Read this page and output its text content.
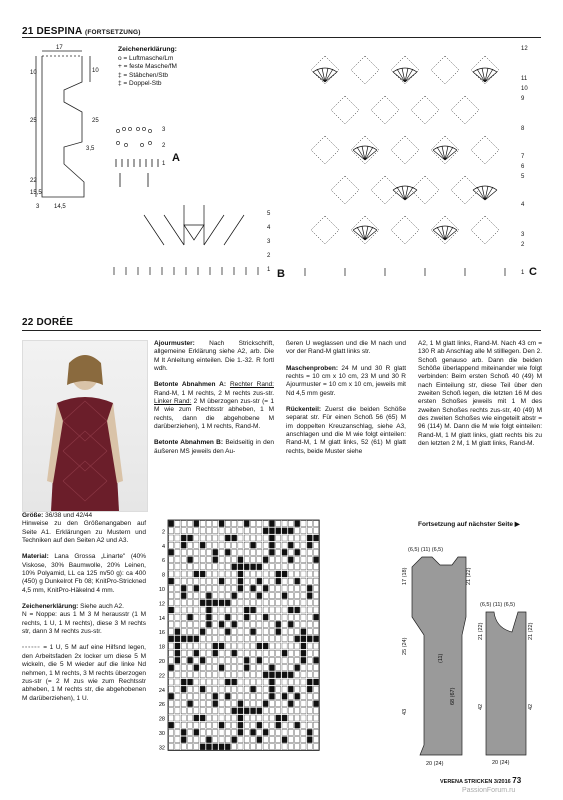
21 DESPINA (FORTSETZUNG)
17
10
25
10
25
22
3,5
15,5
3 14,5
Zeichenerklärung:
o = Luftmasche/Lm
+ = feste Masche/fM
‡ = Stäbchen/Stb
‡ = Doppel-Stb
3
2
1 A
5
4
3
2
1 B
12
11
10
9
8
7
6
5
4
3
2
1 C
22 DORÉE

Größe: 36/38 und 42/44
Hinweise zu den Größenangaben auf Seite A1. Erklärungen zu Mustern und Techniken auf den Seiten A2 und A3.

Material: Lana Grossa „Linarte" (40% Viskose, 30% Baumwolle, 20% Leinen, 10% Polyamid, LL ca 125 m/50 g): ca 400 (450) g Dunkelrot Fb 08; KnitPro-Strickned 4,5 mm, KnitPro-Häkelnd 4 mm.

Zeichenerklärung: Siehe auch A2.
N = Noppe: aus 1 M 3 M herausstr (1 M rechts, 1 U, 1 M rechts), diese 3 M rechts str, dann 3 M rechts zus-str.

◦◦◦◦◦◦ = 1 U, 5 M auf eine Hilfsnd legen, den Arbeitsfaden 2x locker um diese 5 M wickeln, die 5 M wieder auf die linke Nd nehmen, 1 M rechts, 3 M rechts überzogen zus-str (= 2 M zus wie zum Rechtsstr abheben, 1 M rechts str, die abgehobenen M darüberziehen), 1 U.

Ajourmuster: Nach Strickschrift, allgemeine Erklärung siehe A2, arb. Die M lt Anleitung einteilen. Die 1.-32. R fortl wdh.

Betonte Abnahmen A: Rechter Rand: Rand-M, 1 M rechts, 2 M rechts zus-str. Linker Rand: 2 M überzogen zus-str (= 1 M wie zum Rechtsstr abheben, 1 M rechts, dann die abgehobene M darüberziehen), 1 M rechts, Rand-M.

Betonte Abnahmen B: Beidseitig in den äußeren MS jeweils den Au-

ßeren U weglassen und die M nach und vor der Rand-M glatt links str.

Maschenproben: 24 M und 30 R glatt rechts = 10 cm x 10 cm, 23 M und 30 R Ajourmuster = 10 cm x 10 cm, jeweils mit Nd 4,5 mm gestr.

Rückenteil: Zuerst die beiden Schöße separat str. Für einen Schoß 56 (65) M im doppelten Kreuzanschlag, siehe A3, anschlagen und die M wie folgt einteilen: Rand-M, 1 M glatt links, 52 (61) M glatt rechts, beide Muster siehe

A2, 1 M glatt links, Rand-M. Nach 43 cm = 130 R ab Anschlag alle M stilllegen. Den 2. Schoß genauso arb. Dann die beiden Schöße überlappend miteinander wie folgt verbinden: Beim ersten Schoß 40 (49) M nach Einteilung str, diese Teil über den zweiten Schoß legen, die letzten 16 M des ersten Schoßes jeweils mit 1 M des zweiten Schoßes rechts zus-str, 40 (49) M des zweiten Schoßes wie eingeteilt abstr = 96 (114) M. Dann die M wie folgt einteilen: Rand-M, 1 M glatt links, glatt rechts bis zu den letzten 2 M, 1 M glatt links, Rand-M.

32
30
28
26
24
22
20
18
16
14
12
10
8
6
4
2
Fortsetzung auf nächster Seite ▶
(6,5) (11) (6,5)
21 (22)
17 (18)
25 (24)
43
68 (67)
(11)
20 (24)
(6,5) (11) (6,5)
21 (22)
21 (22)
42	42
20 (24)
VERENA STRICKEN 3/2016 73
PassionForum.ru
